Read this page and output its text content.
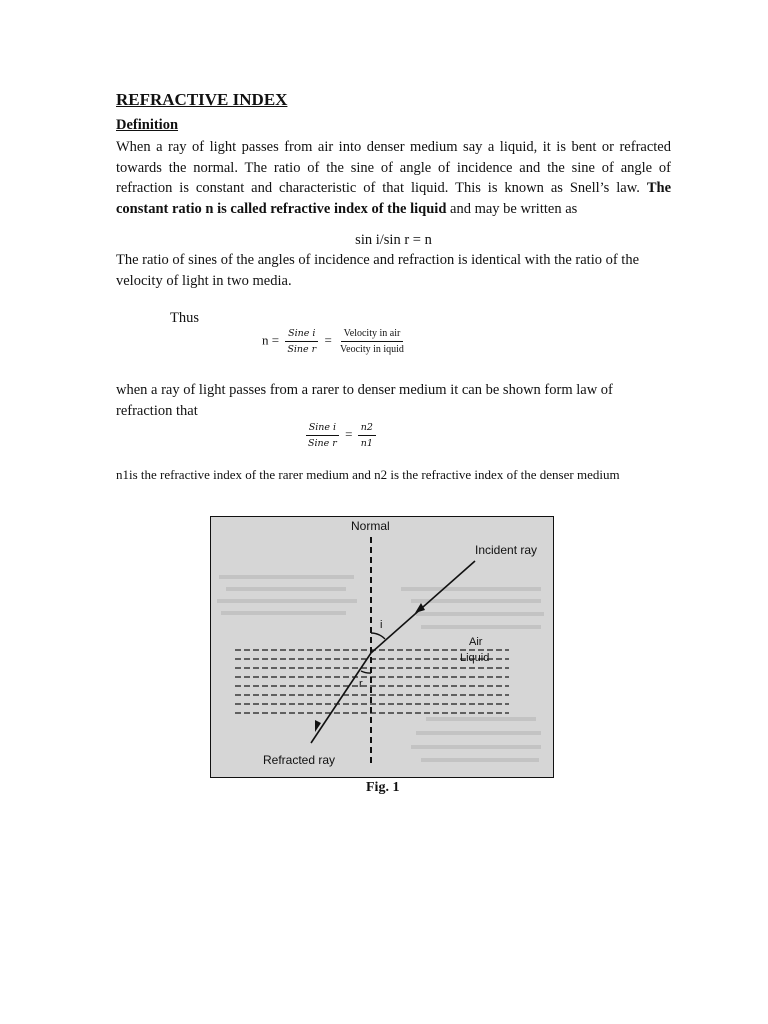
REFRACTIVE INDEX
Definition

When a ray of light passes from air into denser medium say a liquid, it is bent or refracted towards the normal. The ratio of the sine of angle of incidence and the sine of angle of refraction is constant and characteristic of that liquid. This is known as Snell’s law. The constant ratio n is called refractive index of the liquid and may be written as

sin i/sin r = n

The ratio of sines of the angles of incidence and refraction is identical with the ratio of the velocity of light in two media.

Thus

$n = \frac{\text{Sine i}}{\text{Sine r}} = \frac{\text{Velocity in air}}{\text{Veocity in iquid}}$

when a ray of light passes from a rarer to denser medium it can be shown form law of refraction that

$\frac{\text{Sine i}}{\text{Sine r}} = \frac{n2}{n1}$

n1is the refractive index of the rarer medium and n2 is the refractive index of the denser medium

Normal
Incident ray
Air
Liquid
Refracted ray
i
r

Fig. 1
